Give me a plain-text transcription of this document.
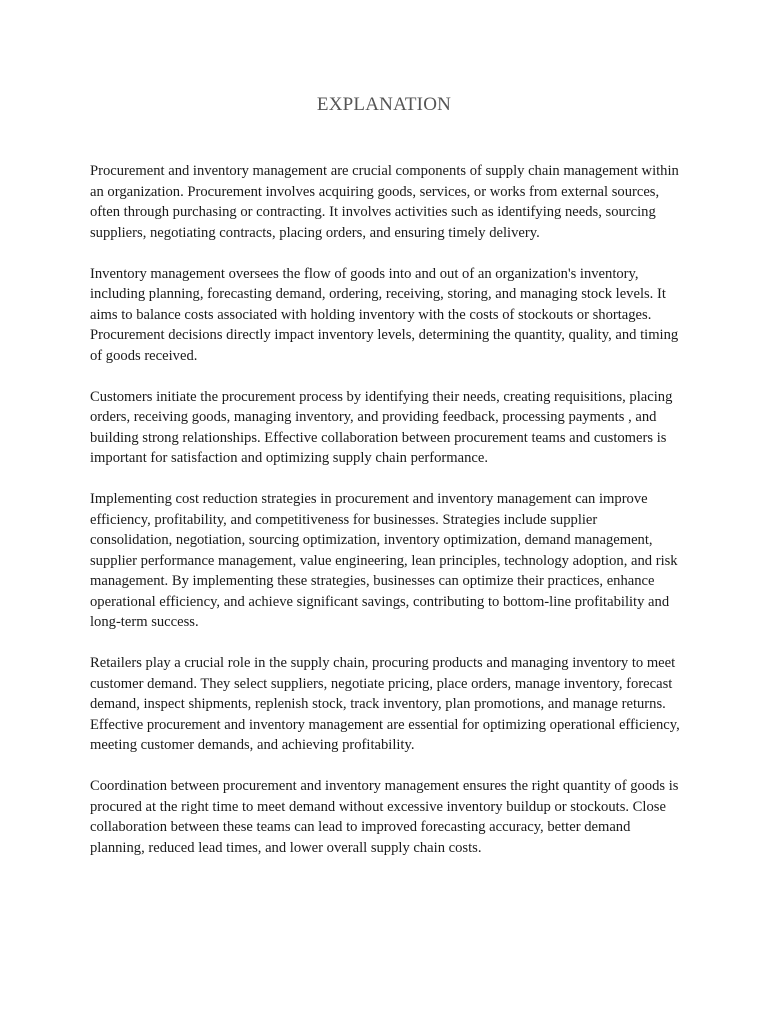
EXPLANATION

Procurement and inventory management are crucial components of supply chain management within an organization. Procurement involves acquiring goods, services, or works from external sources, often through purchasing or contracting. It involves activities such as identifying needs, sourcing suppliers, negotiating contracts, placing orders, and ensuring timely delivery.

Inventory management oversees the flow of goods into and out of an organization's inventory, including planning, forecasting demand, ordering, receiving, storing, and managing stock levels. It aims to balance costs associated with holding inventory with the costs of stockouts or shortages. Procurement decisions directly impact inventory levels, determining the quantity, quality, and timing of goods received.

Customers initiate the procurement process by identifying their needs, creating requisitions, placing orders, receiving goods, managing inventory, and providing feedback, processing payments , and building strong relationships. Effective collaboration between procurement teams and customers is important for satisfaction and optimizing supply chain performance.

Implementing cost reduction strategies in procurement and inventory management can improve efficiency, profitability, and competitiveness for businesses. Strategies include supplier consolidation, negotiation, sourcing optimization, inventory optimization, demand management, supplier performance management, value engineering, lean principles, technology adoption, and risk management. By implementing these strategies, businesses can optimize their practices, enhance operational efficiency, and achieve significant savings, contributing to bottom-line profitability and long-term success.

Retailers play a crucial role in the supply chain, procuring products and managing inventory to meet customer demand. They select suppliers, negotiate pricing, place orders, manage inventory, forecast demand, inspect shipments, replenish stock, track inventory, plan promotions, and manage returns. Effective procurement and inventory management are essential for optimizing operational efficiency, meeting customer demands, and achieving profitability.

Coordination between procurement and inventory management ensures the right quantity of goods is procured at the right time to meet demand without excessive inventory buildup or stockouts. Close collaboration between these teams can lead to improved forecasting accuracy, better demand planning, reduced lead times, and lower overall supply chain costs.
